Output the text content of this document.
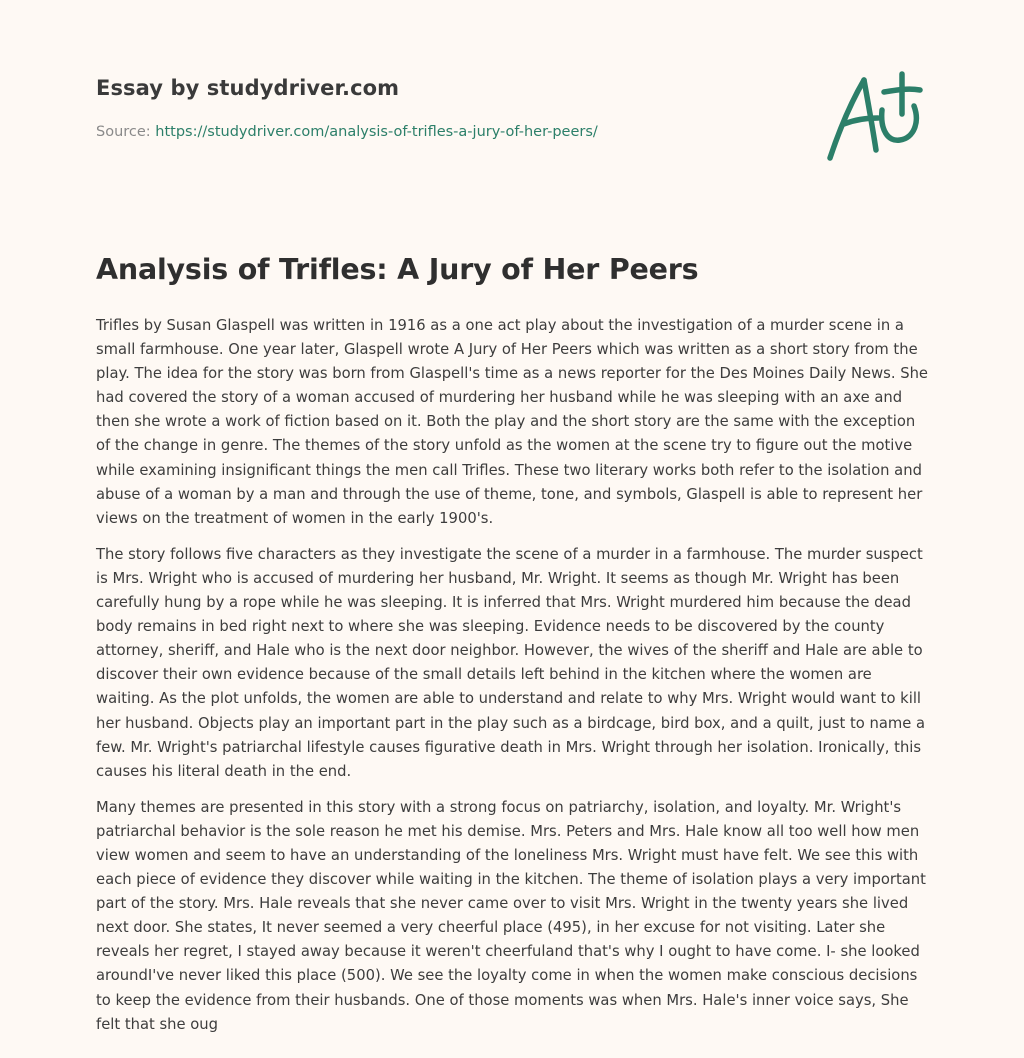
Essay by studydriver.com
Source: https://studydriver.com/analysis-of-trifles-a-jury-of-her-peers/
Analysis of Trifles: A Jury of Her Peers

Trifles by Susan Glaspell was written in 1916 as a one act play about the investigation of a murder scene in a small farmhouse. One year later, Glaspell wrote A Jury of Her Peers which was written as a short story from the play. The idea for the story was born from Glaspell's time as a news reporter for the Des Moines Daily News. She had covered the story of a woman accused of murdering her husband while he was sleeping with an axe and then she wrote a work of fiction based on it. Both the play and the short story are the same with the exception of the change in genre. The themes of the story unfold as the women at the scene try to figure out the motive while examining insignificant things the men call Trifles. These two literary works both refer to the isolation and abuse of a woman by a man and through the use of theme, tone, and symbols, Glaspell is able to represent her views on the treatment of women in the early 1900's.

The story follows five characters as they investigate the scene of a murder in a farmhouse. The murder suspect is Mrs. Wright who is accused of murdering her husband, Mr. Wright. It seems as though Mr. Wright has been carefully hung by a rope while he was sleeping. It is inferred that Mrs. Wright murdered him because the dead body remains in bed right next to where she was sleeping. Evidence needs to be discovered by the county attorney, sheriff, and Hale who is the next door neighbor. However, the wives of the sheriff and Hale are able to discover their own evidence because of the small details left behind in the kitchen where the women are waiting. As the plot unfolds, the women are able to understand and relate to why Mrs. Wright would want to kill her husband. Objects play an important part in the play such as a birdcage, bird box, and a quilt, just to name a few. Mr. Wright's patriarchal lifestyle causes figurative death in Mrs. Wright through her isolation. Ironically, this causes his literal death in the end.

Many themes are presented in this story with a strong focus on patriarchy, isolation, and loyalty. Mr. Wright's patriarchal behavior is the sole reason he met his demise. Mrs. Peters and Mrs. Hale know all too well how men view women and seem to have an understanding of the loneliness Mrs. Wright must have felt. We see this with each piece of evidence they discover while waiting in the kitchen. The theme of isolation plays a very important part of the story. Mrs. Hale reveals that she never came over to visit Mrs. Wright in the twenty years she lived next door. She states, It never seemed a very cheerful place (495), in her excuse for not visiting. Later she reveals her regret, I stayed away because it weren't cheerfuland that's why I ought to have come. I- she looked aroundI've never liked this place (500). We see the loyalty come in when the women make conscious decisions to keep the evidence from their husbands. One of those moments was when Mrs. Hale's inner voice says, She felt that she oug
